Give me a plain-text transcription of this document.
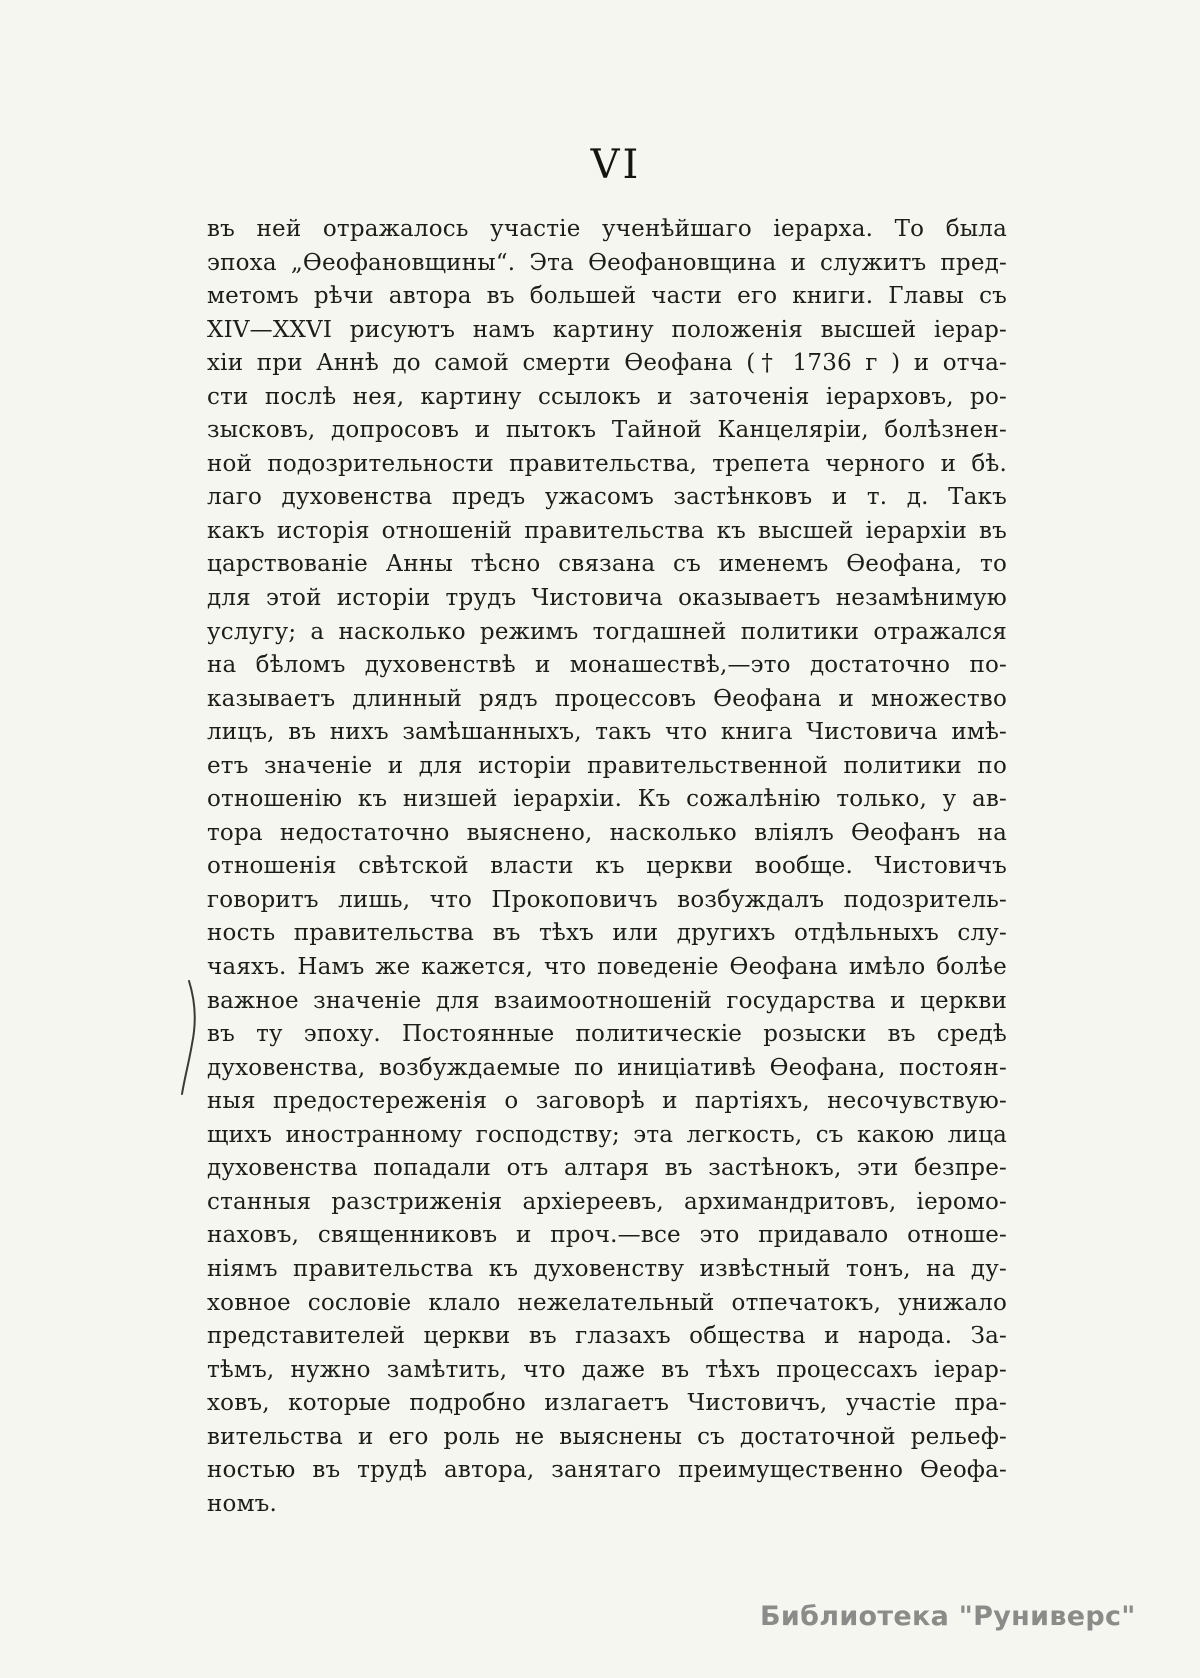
VI
въ ней отражалось участіе ученѣйшаго іерарха. То была
эпоха „Ѳеофановщины“. Эта Ѳеофановщина и служитъ пред-
метомъ рѣчи автора въ большей части его книги. Главы съ
XIV—XXVI рисуютъ намъ картину положенія высшей іерар-
хіи при Аннѣ до самой смерти Ѳеофана († 1736 г ) и отча-
сти послѣ нея, картину ссылокъ и заточенія іерарховъ, ро-
зысковъ, допросовъ и пытокъ Тайной Канцеляріи, болѣзнен-
ной подозрительности правительства, трепета черного и бѣ.
лаго духовенства предъ ужасомъ застѣнковъ и т. д. Такъ
какъ исторія отношеній правительства къ высшей іерархіи въ
царствованіе Анны тѣсно связана съ именемъ Ѳеофана, то
для этой исторіи трудъ Чистовича оказываетъ незамѣнимую
услугу; а насколько режимъ тогдашней политики отражался
на бѣломъ духовенствѣ и монашествѣ,—это достаточно по-
казываетъ длинный рядъ процессовъ Ѳеофана и множество
лицъ, въ нихъ замѣшанныхъ, такъ что книга Чистовича имѣ-
етъ значеніе и для исторіи правительственной политики по
отношенію къ низшей іерархіи. Къ сожалѣнію только, у ав-
тора недостаточно выяснено, насколько вліялъ Ѳеофанъ на
отношенія свѣтской власти къ церкви вообще. Чистовичъ
говоритъ лишь, что Прокоповичъ возбуждалъ подозритель-
ность правительства въ тѣхъ или другихъ отдѣльныхъ слу-
чаяхъ. Намъ же кажется, что поведеніе Ѳеофана имѣло болѣе
важное значеніе для взаимоотношеній государства и церкви
въ ту эпоху. Постоянные политическіе розыски въ средѣ
духовенства, возбуждаемые по иниціативѣ Ѳеофана, постоян-
ныя предостереженія о заговорѣ и партіяхъ, несочувствую-
щихъ иностранному господству; эта легкость, съ какою лица
духовенства попадали отъ алтаря въ застѣнокъ, эти безпре-
станныя разстриженія архіереевъ, архимандритовъ, іеромо-
наховъ, священниковъ и проч.—все это придавало отноше-
ніямъ правительства къ духовенству извѣстный тонъ, на ду-
ховное сословіе клало нежелательный отпечатокъ, унижало
представителей церкви въ глазахъ общества и народа. За-
тѣмъ, нужно замѣтить, что даже въ тѣхъ процессахъ іерар-
ховъ, которые подробно излагаетъ Чистовичъ, участіе пра-
вительства и его роль не выяснены съ достаточной рельеф-
ностью въ трудѣ автора, занятаго преимущественно Ѳеофа-
номъ.
Библиотека "Руниверс"
